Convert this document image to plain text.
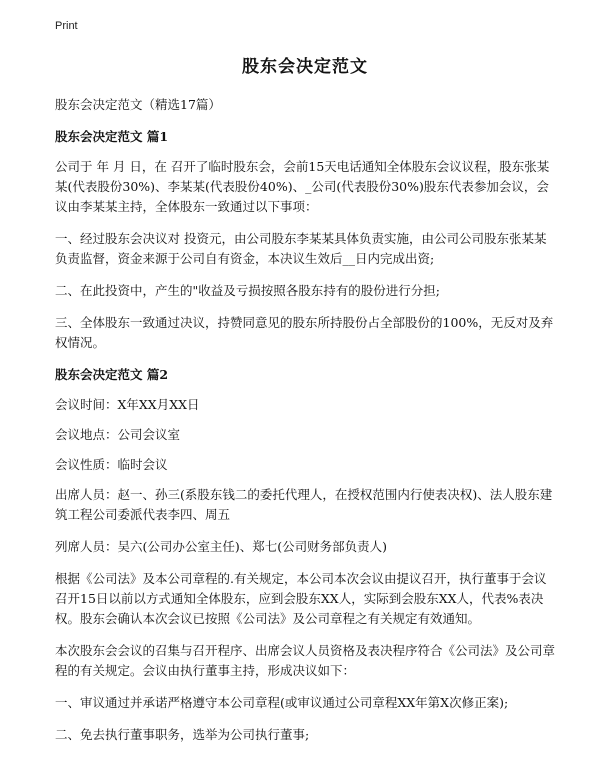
Print
股东会决定范文
股东会决定范文（精选17篇）
股东会决定范文 篇1

公司于 年 月 日，在 召开了临时股东会，会前15天电话通知全体股东会议议程，股东张某某(代表股份30%)、李某某(代表股份40%)、_公司(代表股份30%)股东代表参加会议，会议由李某某主持，全体股东一致通过以下事项：

一、经过股东会决议对 投资元，由公司股东李某某具体负责实施，由公司公司股东张某某负责监督，资金来源于公司自有资金，本决议生效后__日内完成出资;

二、在此投资中，产生的"收益及亏损按照各股东持有的股份进行分担;

三、全体股东一致通过决议，持赞同意见的股东所持股份占全部股份的100%，无反对及弃权情况。

股东会决定范文 篇2

会议时间：X年XX月XX日

会议地点：公司会议室

会议性质：临时会议

出席人员：赵一、孙三(系股东钱二的委托代理人，在授权范围内行使表决权)、法人股东建筑工程公司委派代表李四、周五

列席人员：吴六(公司办公室主任)、郑七(公司财务部负责人)

根据《公司法》及本公司章程的.有关规定，本公司本次会议由提议召开，执行董事于会议召开15日以前以方式通知全体股东，应到会股东XX人，实际到会股东XX人，代表%表决权。股东会确认本次会议已按照《公司法》及公司章程之有关规定有效通知。

本次股东会会议的召集与召开程序、出席会议人员资格及表决程序符合《公司法》及公司章程的有关规定。会议由执行董事主持，形成决议如下：

一、审议通过并承诺严格遵守本公司章程(或审议通过公司章程XX年第X次修正案);

二、免去执行董事职务，选举为公司执行董事;
